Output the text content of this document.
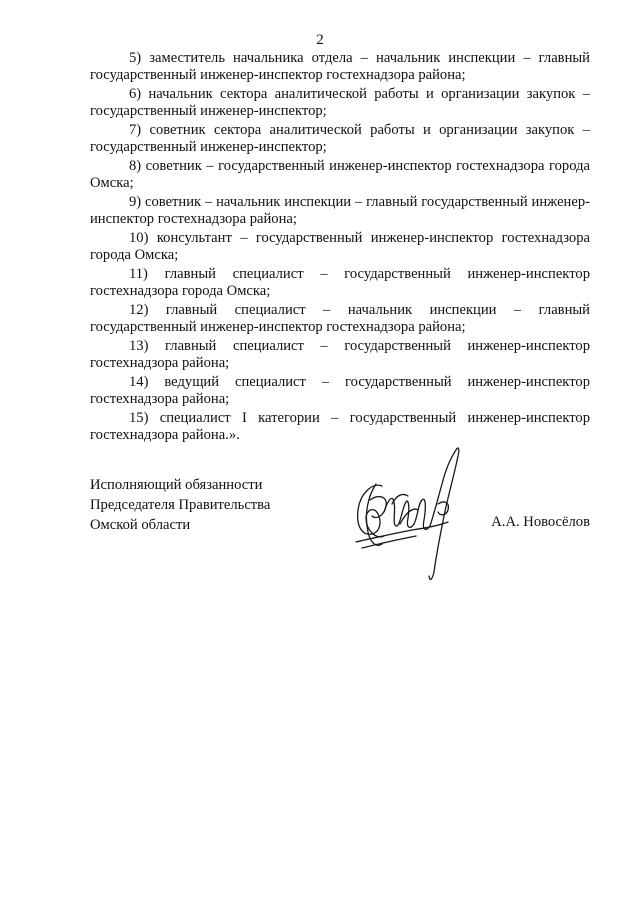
2

5) заместитель начальника отдела – начальник инспекции – главный государственный инженер-инспектор гостехнадзора района;

6) начальник сектора аналитической работы и организации закупок – государственный инженер-инспектор;

7) советник сектора аналитической работы и организации закупок – государственный инженер-инспектор;

8) советник – государственный инженер-инспектор гостехнадзора города Омска;

9) советник – начальник инспекции – главный государственный инженер-инспектор гостехнадзора района;

10) консультант – государственный инженер-инспектор гостехнадзора города Омска;

11) главный специалист – государственный инженер-инспектор гостехнадзора города Омска;

12) главный специалист – начальник инспекции – главный государственный инженер-инспектор гостехнадзора района;

13) главный специалист – государственный инженер-инспектор гостехнадзора района;

14) ведущий специалист – государственный инженер-инспектор гостехнадзора района;

15) специалист I категории – государственный инженер-инспектор гостехнадзора района.».

Исполняющий обязанности
Председателя Правительства
Омской области	А.А. Новосёлов
